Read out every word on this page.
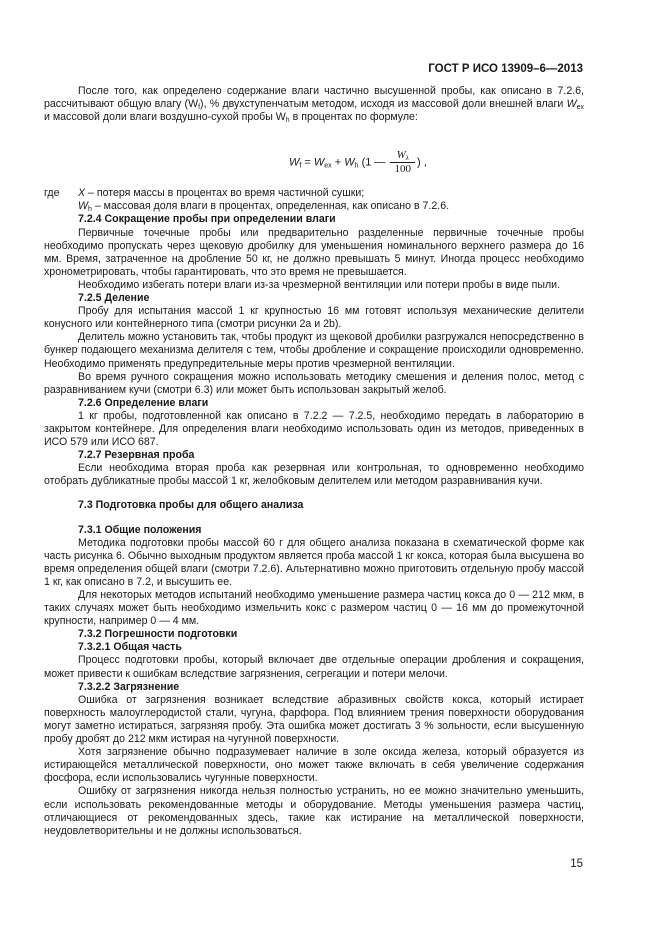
ГОСТ Р ИСО 13909–6—2013

После того, как определено содержание влаги частично высушенной пробы, как описано в 7.2.6, рассчитывают общую влагу $(W_f)$, % двухступенчатым методом, исходя из массовой доли внешней влаги $W_{ex}$ и массовой доли влаги воздушно-сухой пробы $W_h$ в процентах по формуле:

$W_f = W_{ex} + W_h$ (1 — $\frac{W_\lambda}{100}$ ) ,
где X – потеря массы в процентах во время частичной сушки;

$W_h$ – массовая доля влаги в процентах, определенная, как описано в 7.2.6.

7.2.4 Сокращение пробы при определении влаги

Первичные точечные пробы или предварительно разделенные первичные точечные пробы необходимо пропускать через щековую дробилку для уменьшения номинального верхнего размера до 16 мм. Время, затраченное на дробление 50 кг, не должно превышать 5 минут. Иногда процесс необходимо хронометрировать, чтобы гарантировать, что это время не превышается.

Необходимо избегать потери влаги из-за чрезмерной вентиляции или потери пробы в виде пыли.

7.2.5 Деление

Пробу для испытания массой 1 кг крупностью 16 мм готовят используя механические делители конусного или контейнерного типа (смотри рисунки 2a и 2b).

Делитель можно установить так, чтобы продукт из щековой дробилки разгружался непосредственно в бункер подающего механизма делителя с тем, чтобы дробление и сокращение происходили одновременно. Необходимо применять предупредительные меры против чрезмерной вентиляции.

Во время ручного сокращения можно использовать методику смешения и деления полос, метод с разравниванием кучи (смотри 6.3) или может быть использован закрытый желоб.

7.2.6 Определение влаги

1 кг пробы, подготовленной как описано в 7.2.2 — 7.2.5, необходимо передать в лабораторию в закрытом контейнере. Для определения влаги необходимо использовать один из методов, приведенных в ИСО 579 или ИСО 687.

7.2.7 Резервная проба

Если необходима вторая проба как резервная или контрольная, то одновременно необходимо отобрать дубликатные пробы массой 1 кг, желобковым делителем или методом разравнивания кучи.

7.3 Подготовка пробы для общего анализа

7.3.1 Общие положения

Методика подготовки пробы массой 60 г для общего анализа показана в схематической форме как часть рисунка 6. Обычно выходным продуктом является проба массой 1 кг кокса, которая была высушена во время определения общей влаги (смотри 7.2.6). Альтернативно можно приготовить отдельную пробу массой 1 кг, как описано в 7.2, и высушить ее.

Для некоторых методов испытаний необходимо уменьшение размера частиц кокса до 0 — 212 мкм, в таких случаях может быть необходимо измельчить кокс с размером частиц 0 — 16 мм до промежуточной крупности, например 0 — 4 мм.

7.3.2 Погрешности подготовки

7.3.2.1 Общая часть

Процесс подготовки пробы, который включает две отдельные операции дробления и сокращения, может привести к ошибкам вследствие загрязнения, сегрегации и потери мелочи.

7.3.2.2 Загрязнение

Ошибка от загрязнения возникает вследствие абразивных свойств кокса, который истирает поверхность малоуглеродистой стали, чугуна, фарфора. Под влиянием трения поверхности оборудования могут заметно истираться, загрязняя пробу. Эта ошибка может достигать 3 % зольности, если высушенную пробу дробят до 212 мкм истирая на чугунной поверхности.

Хотя загрязнение обычно подразумевает наличие в золе оксида железа, который образуется из истирающейся металлической поверхности, оно может также включать в себя увеличение содержания фосфора, если использовались чугунные поверхности.

Ошибку от загрязнения никогда нельзя полностью устранить, но ее можно значительно уменьшить, если использовать рекомендованные методы и оборудование. Методы уменьшения размера частиц, отличающиеся от рекомендованных здесь, такие как истирание на металлической поверхности, неудовлетворительны и не должны использоваться.

15
